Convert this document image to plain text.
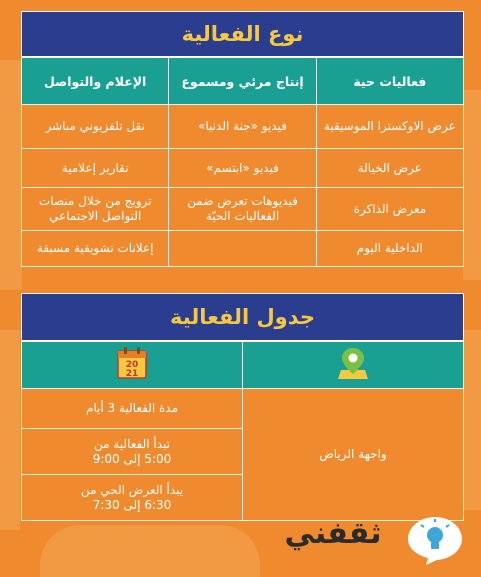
نوع الفعالية
فعاليات حية	إنتاج مرئي ومسموع	الإعلام والتواصل
عرض الاوكسترا الموسيقية	فيديو «جنة الدنيا»	نقل تلفزيوني مباشر
عرض الخيالة	فيديو «ابتسم»	تقارير إعلامية
معرض الذاكرة	فيديوهات تعرض ضمن الفعاليات الحيّة	ترويج من خلال منصات التواصل الاجتماعي
الداخلية اليوم		إعلانات تشويقية مسبقة
جدول الفعالية

20
21

واجهة الرياض	مدة الفعالية 3 أيام

	تبدأ الفعالية من
5:00 إلى 9:00

	يبدأ العرض الحي من
6:30 إلى 7:30
ثقفني
